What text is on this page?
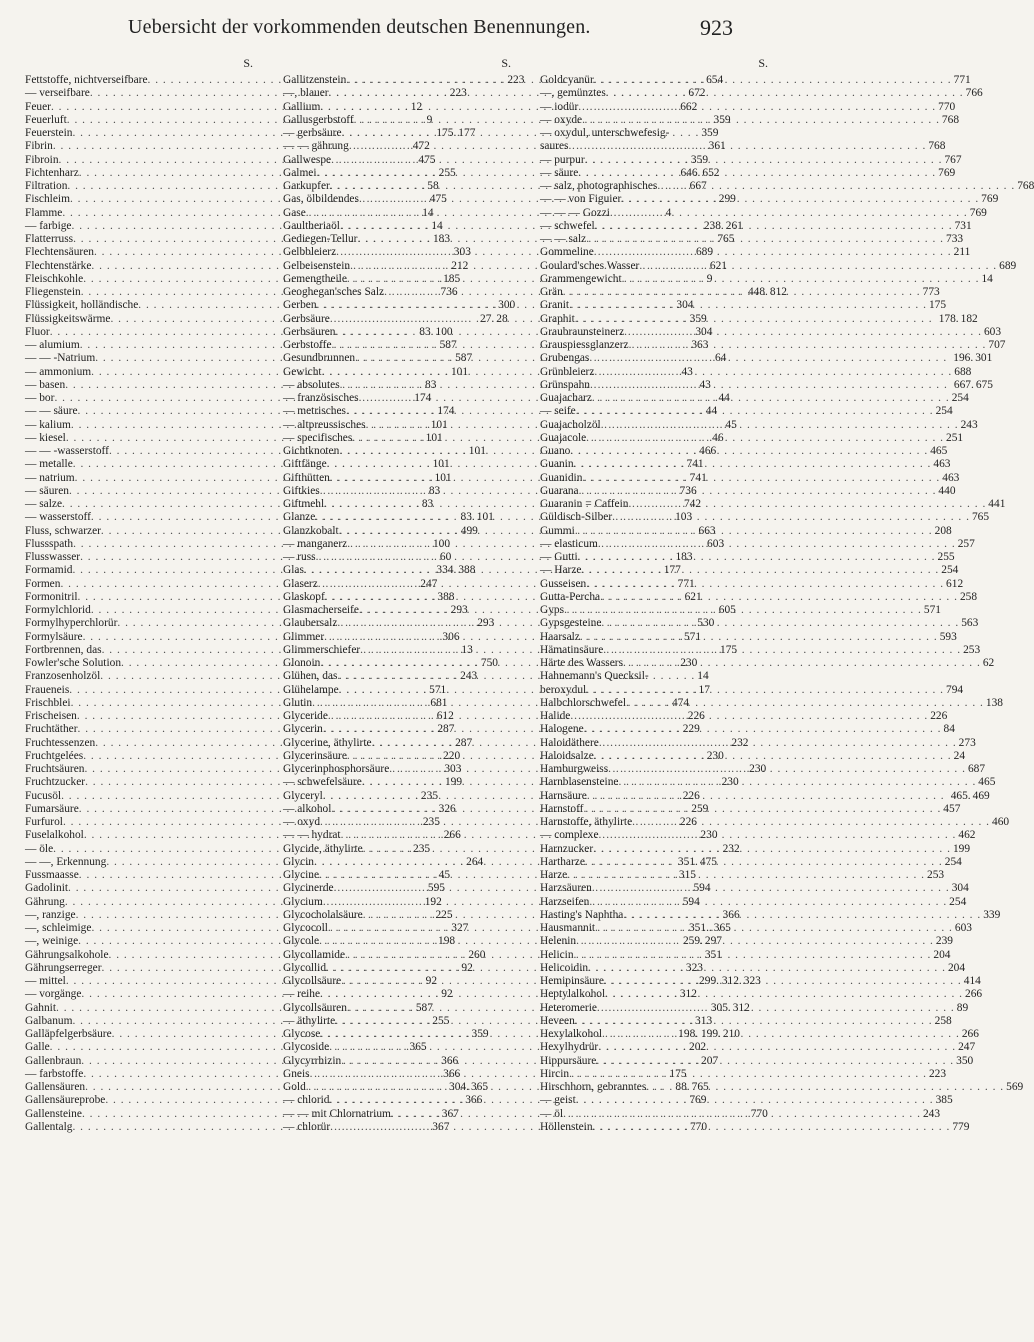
Uebersicht der vorkommenden deutschen Benennungen.	923
S.
Fettstoffe, nichtverseifbare . . .	223
— verseifbare . . .	223
Feuer . . .	12
Feuerluft . . .	9
Feuerstein . . .	175. 177
Fibrin . . .	472
Fibroin . . .	475
Fichtenharz . . .	255
Filtration . . .	58
Fischleim . . .	475
Flamme . . .	14
— farbige . . .	14
Flatterruss . . .	183
Flechtensäuren . . .	303
Flechtenstärke . . .	212
Fleischkohle . . .	185
Fliegenstein . . .	736
Flüssigkeit, holländische . . .	300
Flüssigkeitswärme . . .	27. 28
Fluor . . .	83. 100
— alumium . . .	587
— — -Natrium . . .	587
— ammonium . . .	101
— basen . . .	83
— bor . . .	174
— — säure . . .	174
— kalium . . .	101
— kiesel . . .	101
— — -wasserstoff . . .	101
— metalle . . .	101
— natrium . . .	101
— säuren . . .	83
— salze . . .	83
— wasserstoff . . .	83. 101
Fluss, schwarzer . . .	499
Flussspath . . .	100
Flusswasser . . .	60
Formamid . . .	334. 388
Formen . . .	247
Formonitril . . .	388
Formylchlorid . . .	293
Formylhyperchlorür . . .	293
Formylsäure . . .	306
Fortbrennen, das . . .	13
Fowler'sche Solution . . .	750
Franzosenholzöl . . .	243
Fraueneis . . .	571
Frischblei . . .	681
Frischeisen . . .	612
Fruchtäther . . .	287
Fruchtessenzen . . .	287
Fruchtgelées . . .	220
Fruchtsäuren . . .	303
Fruchtzucker . . .	199
Fucusöl . . .	235
Fumarsäure . . .	326
Furfurol . . .	235
Fuselalkohol . . .	266
— öle . . .	235
— —, Erkennung . . .	264
Fussmaasse . . .	45
Gadolinit . . .	595
Gährung . . .	192
—, ranzige . . .	225
—, schleimige . . .	327
—, weinige . . .	198
Gährungsalkohole . . .	260
Gährungserreger . . .	92
— mittel . . .	92
— vorgänge . . .	92
Gahnit . . .	587
Galbanum . . .	255
Galläpfelgerbsäure . . .	359
Galle . . .	365
Gallenbraun . . .	366
— farbstoffe . . .	366
Gallensäuren . . .	304. 365
Gallensäureprobe . . .	366
Gallensteine . . .	367
Gallentalg . . .	367
S.
Gallitzenstein . . .	654
—, blauer . . .	672
Gallium . . .	662
Gallusgerbstoff . . .	359
— gerbsäure . . .	359
— — gährung . . .	361
Gallwespe . . .	359
Galmei . . .	646. 652
Garkupfer . . .	667
Gas, ölbildendes . . .	299
Gase . . .	4
Gaultheriaöl . . .	238. 261
Gediegen-Tellur . . .	765
Gelbbleierz . . .	689
Gelbeisenstein . . .	621
Gemengtheile . . .	9
Geoghegan'sches Salz . . .	448. 812
Gerben . . .	304
Gerbsäure . . .	359
Gerbsäuren . . .	304
Gerbstoffe . . .	363
Gesundbrunnen . . .	64
Gewicht . . .	43
— absolutes . . .	43
— französisches . . .	44
— metrisches . . .	44
— altpreussisches . . .	45
— specifisches . . .	46
Gichtknoten . . .	466
Giftfänge . . .	741
Gifthütten . . .	741
Giftkies . . .	736
Giftmehl . . .	742
Glanze . . .	103
Glanzkobalt . . .	663
— manganerz . . .	603
— russ . . .	183
Glas . . .	177
Glaserz . . .	771
Glaskopf . . .	621
Glasmacherseife . . .	605
Glaubersalz . . .	530
Glimmer . . .	571
Glimmerschiefer . . .	175
Glonoin . . .	230
Glühen, das . . .	14
Glühelampe . . .	17
Glutin . . .	474
Glyceride . . .	226
Glycerin . . .	229
Glycerine, äthylirte . . .	232
Glycerinsäure . . .	230
Glycerinphosphorsäure . . .	230
— schwefelsäure . . .	230
Glyceryl . . .	226
— alkohol . . .	259
— oxyd . . .	226
— — hydrat . . .	230
Glycide, äthylirte . . .	232
Glycin . . .	351. 475
Glycine . . .	315
Glycinerde . . .	594
Glycium . . .	594
Glycocholalsäure . . .	366
Glycocoll . . .	351.. 365
Glycole . . .	259. 297
Glycollamide . . .	351
Glycollid . . .	323
Glycollsäure . . .	299. 312. 323
— reihe . . .	312
Glycollsäuren . . .	305. 312
— äthylirte . . .	313
Glycose . . .	198. 199. 210
Glycoside . . .	202
Glycyrrhizin . . .	207
Gneis . . .	175
Gold . . .	88. 765
— chlorid . . .	769
— — mit Chlornatrium . . .	770
— chlorür . . .	770
S.
Goldcyanür . . .	771
—, gemünztes . . .	766
— iodür . . .	770
— oxyde . . .	768
— oxydul, unterschwefesig-
saures . . .	768
— purpur . . .	767
— säure . . .	769
— salz, photographisches . . .	768
— — von Figuier . . .	769
— — — Gozzi . . .	769
— schwefel . . .	731
— — salz . . .	733
Gommeline . . .	211
Goulard'sches Wasser . . .	689
Grammengewicht . . .	14
Grän . . .	773
Granit . . .	175
Graphit . . .	178. 182
Graubraunsteinerz . . .	603
Grauspiessglanzerz . . .	707
Grubengas . . .	196. 301
Grünbleierz . . .	688
Grünspahn . . .	667. 675
Guajacharz . . .	254
— seife . . .	254
Guajacholzöl . . .	243
Guajacole . . .	251
Guano . . .	465
Guanin . . .	463
Guanidin . . .	463
Guarana . . .	440
Guaranin = Caffein . . .	441
Güldisch-Silber . . .	765
Gummi . . .	208
— elasticum . . .	257
— Gutti . . .	255
— Harze . . .	254
Gusseisen . . .	612
Gutta-Percha . . .	258
Gyps . . .	571
Gypsgesteine . . .	563
Haarsalz . . .	593
Hämatinsäure . . .	253
Härte des Wassers . . .	62
Hahnemann's Quecksil-
beroxydul . . .	794
Halbchlorschwefel . . .	138
Halide . . .	226
Halogene . . .	84
Haloidäthere . . .	273
Haloidsalze . . .	24
Hamburgweiss . . .	687
Harnblasensteine . . .	465
Harnsäure . . .	465. 469
Harnstoff . . .	457
Harnstoffe, äthylirte . . .	460
— complexe . . .	462
Harnzucker . . .	199
Hartharze . . .	254
Harze . . .	253
Harzsäuren . . .	304
Harzseifen . . .	254
Hasting's Naphtha . . .	339
Hausmannit . . .	603
Helenin . . .	239
Helicin . . .	204
Helicoidin . . .	204
Hemipinsäure . . .	414
Heptylalkohol . . .	266
Heteromerie . . .	89
Heveen . . .	258
Hexylalkohol . . .	266
Hexylhydrür . . .	247
Hippursäure . . .	350
Hircin . . .	223
Hirschhorn, gebranntes . . .	569
— geist . . .	385
— öl . . .	243
Höllenstein . . .	779
